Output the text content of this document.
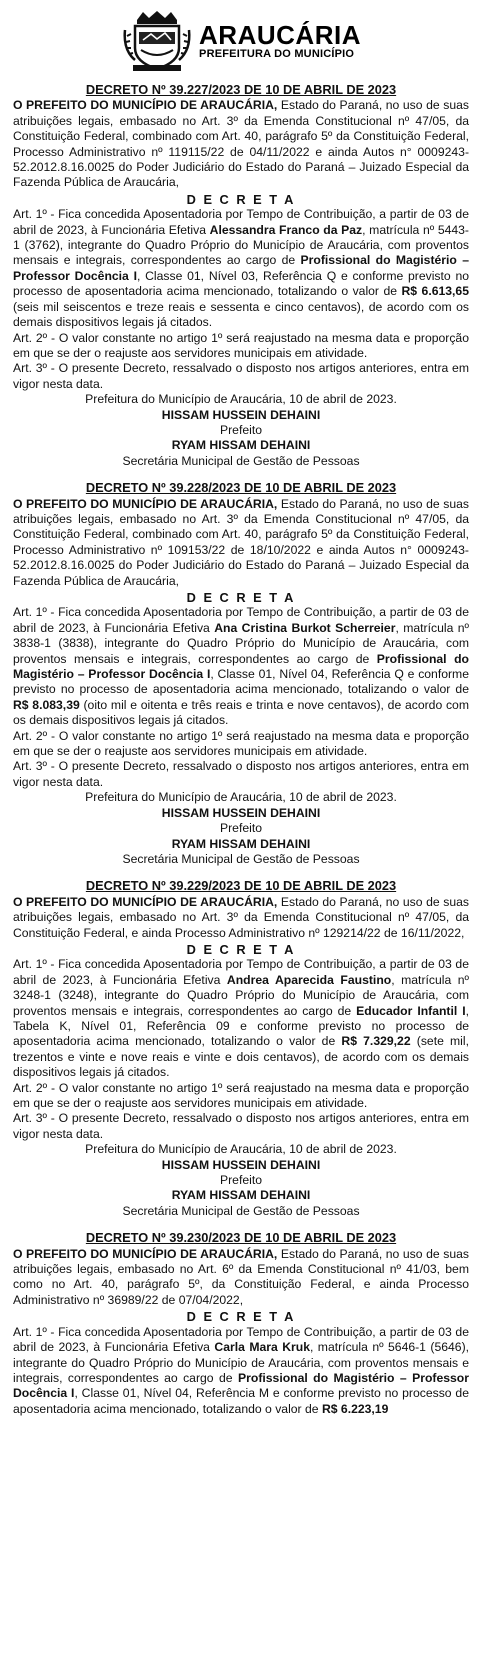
ARAUCÁRIA
PREFEITURA DO MUNICÍPIO
DECRETO Nº 39.227/2023 DE 10 DE ABRIL DE 2023

O PREFEITO DO MUNICÍPIO DE ARAUCÁRIA, Estado do Paraná, no uso de suas atribuições legais, embasado no Art. 3º da Emenda Constitucional nº 47/05, da Constituição Federal, combinado com Art. 40, parágrafo 5º da Constituição Federal, Processo Administrativo nº 119115/22 de 04/11/2022 e ainda Autos n° 0009243-52.2012.8.16.0025 do Poder Judiciário do Estado do Paraná – Juizado Especial da Fazenda Pública de Araucária,

D E C R E T A

Art. 1º - Fica concedida Aposentadoria por Tempo de Contribuição, a partir de 03 de abril de 2023, à Funcionária Efetiva Alessandra Franco da Paz, matrícula nº 5443-1 (3762), integrante do Quadro Próprio do Município de Araucária, com proventos mensais e integrais, correspondentes ao cargo de Profissional do Magistério – Professor Docência I, Classe 01, Nível 03, Referência Q e conforme previsto no processo de aposentadoria acima mencionado, totalizando o valor de R$ 6.613,65 (seis mil seiscentos e treze reais e sessenta e cinco centavos), de acordo com os demais dispositivos legais já citados.

Art. 2º - O valor constante no artigo 1º será reajustado na mesma data e proporção em que se der o reajuste aos servidores municipais em atividade.

Art. 3º - O presente Decreto, ressalvado o disposto nos artigos anteriores, entra em vigor nesta data.

Prefeitura do Município de Araucária, 10 de abril de 2023.

HISSAM HUSSEIN DEHAINI

Prefeito

RYAM HISSAM DEHAINI

Secretária Municipal de Gestão de Pessoas

DECRETO Nº 39.228/2023 DE 10 DE ABRIL DE 2023

O PREFEITO DO MUNICÍPIO DE ARAUCÁRIA, Estado do Paraná, no uso de suas atribuições legais, embasado no Art. 3º da Emenda Constitucional nº 47/05, da Constituição Federal, combinado com Art. 40, parágrafo 5º da Constituição Federal, Processo Administrativo nº 109153/22 de 18/10/2022 e ainda Autos n° 0009243-52.2012.8.16.0025 do Poder Judiciário do Estado do Paraná – Juizado Especial da Fazenda Pública de Araucária,

D E C R E T A

Art. 1º - Fica concedida Aposentadoria por Tempo de Contribuição, a partir de 03 de abril de 2023, à Funcionária Efetiva Ana Cristina Burkot Scherreier, matrícula nº 3838-1 (3838), integrante do Quadro Próprio do Município de Araucária, com proventos mensais e integrais, correspondentes ao cargo de Profissional do Magistério – Professor Docência I, Classe 01, Nível 04, Referência Q e conforme previsto no processo de aposentadoria acima mencionado, totalizando o valor de R$ 8.083,39 (oito mil e oitenta e três reais e trinta e nove centavos), de acordo com os demais dispositivos legais já citados.

Art. 2º - O valor constante no artigo 1º será reajustado na mesma data e proporção em que se der o reajuste aos servidores municipais em atividade.

Art. 3º - O presente Decreto, ressalvado o disposto nos artigos anteriores, entra em vigor nesta data.

Prefeitura do Município de Araucária, 10 de abril de 2023.

HISSAM HUSSEIN DEHAINI

Prefeito

RYAM HISSAM DEHAINI

Secretária Municipal de Gestão de Pessoas

DECRETO Nº 39.229/2023 DE 10 DE ABRIL DE 2023

O PREFEITO DO MUNICÍPIO DE ARAUCÁRIA, Estado do Paraná, no uso de suas atribuições legais, embasado no Art. 3º da Emenda Constitucional nº 47/05, da Constituição Federal, e ainda Processo Administrativo nº 129214/22 de 16/11/2022,

D E C R E T A

Art. 1º - Fica concedida Aposentadoria por Tempo de Contribuição, a partir de 03 de abril de 2023, à Funcionária Efetiva Andrea Aparecida Faustino, matrícula nº 3248-1 (3248), integrante do Quadro Próprio do Município de Araucária, com proventos mensais e integrais, correspondentes ao cargo de Educador Infantil I, Tabela K, Nível 01, Referência 09 e conforme previsto no processo de aposentadoria acima mencionado, totalizando o valor de R$ 7.329,22 (sete mil, trezentos e vinte e nove reais e vinte e dois centavos), de acordo com os demais dispositivos legais já citados.

Art. 2º - O valor constante no artigo 1º será reajustado na mesma data e proporção em que se der o reajuste aos servidores municipais em atividade.

Art. 3º - O presente Decreto, ressalvado o disposto nos artigos anteriores, entra em vigor nesta data.

Prefeitura do Município de Araucária, 10 de abril de 2023.

HISSAM HUSSEIN DEHAINI

Prefeito

RYAM HISSAM DEHAINI

Secretária Municipal de Gestão de Pessoas

DECRETO Nº 39.230/2023 DE 10 DE ABRIL DE 2023

O PREFEITO DO MUNICÍPIO DE ARAUCÁRIA, Estado do Paraná, no uso de suas atribuições legais, embasado no Art. 6º da Emenda Constitucional nº 41/03, bem como no Art. 40, parágrafo 5º, da Constituição Federal, e ainda Processo Administrativo nº 36989/22 de 07/04/2022,

D E C R E T A

Art. 1º - Fica concedida Aposentadoria por Tempo de Contribuição, a partir de 03 de abril de 2023, à Funcionária Efetiva Carla Mara Kruk, matrícula nº 5646-1 (5646), integrante do Quadro Próprio do Município de Araucária, com proventos mensais e integrais, correspondentes ao cargo de Profissional do Magistério – Professor Docência I, Classe 01, Nível 04, Referência M e conforme previsto no processo de aposentadoria acima mencionado, totalizando o valor de R$ 6.223,19
